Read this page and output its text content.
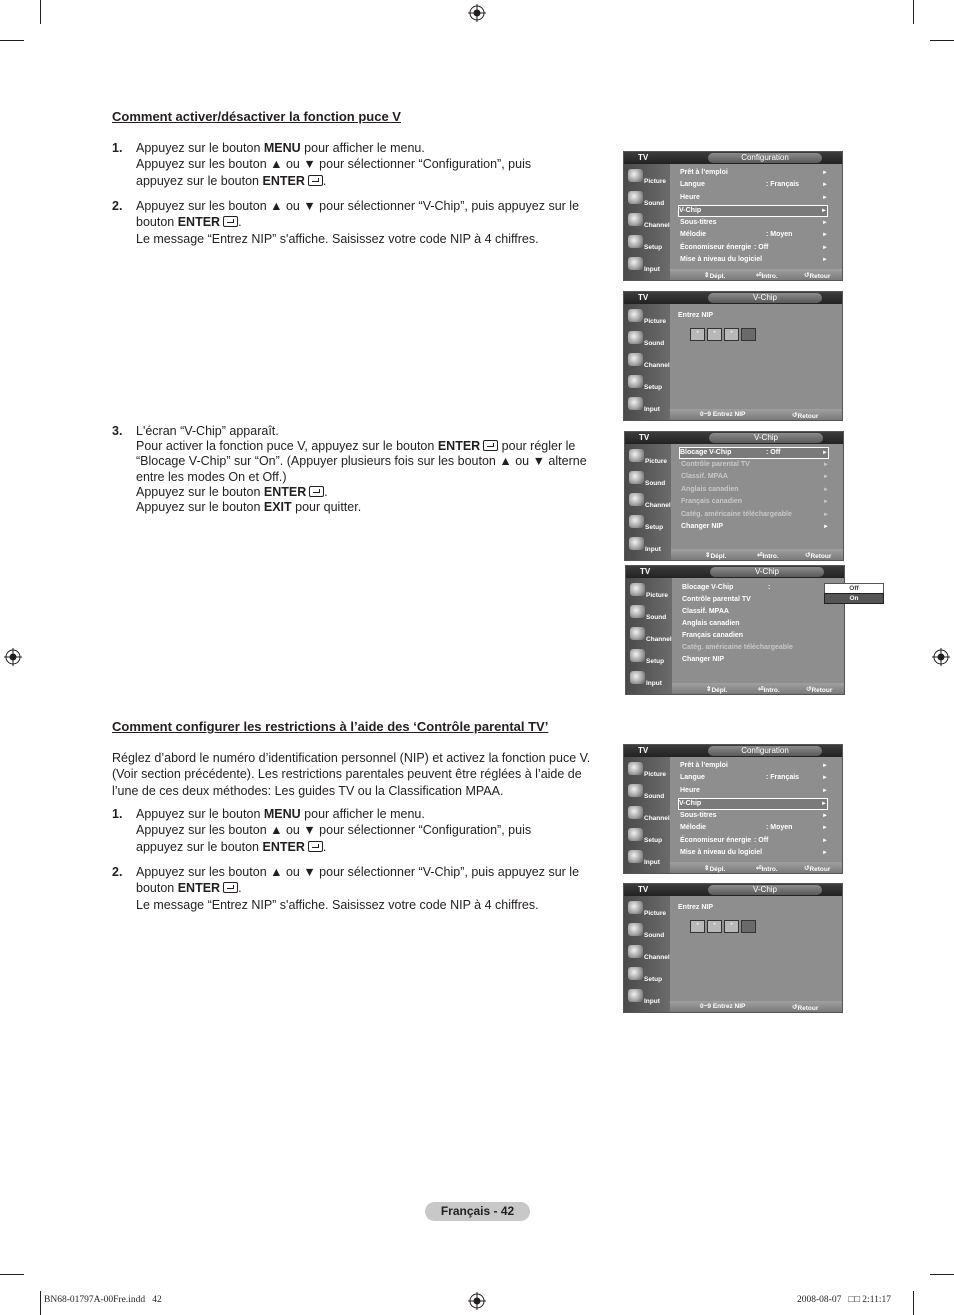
Comment activer/désactiver la fonction puce V
1. Appuyez sur le bouton MENU pour afficher le menu.
Appuyez sur les bouton ▲ ou ▼ pour sélectionner “Configuration”, puis
appuyez sur le bouton ENTER .
2. Appuyez sur les bouton ▲ ou ▼ pour sélectionner “V-Chip”, puis appuyez sur le
bouton ENTER .
Le message “Entrez NIP” s'affiche. Saisissez votre code NIP à 4 chiffres.
3. L'écran “V-Chip” apparaît.
Pour activer la fonction puce V, appuyez sur le bouton ENTER pour régler le
“Blocage V-Chip” sur “On”. (Appuyer plusieurs fois sur les bouton ▲ ou ▼ alterne
entre les modes On et Off.)
Appuyez sur le bouton ENTER .
Appuyez sur le bouton EXIT pour quitter.
Comment configurer les restrictions à l’aide des ‘Contrôle parental TV’
Réglez d’abord le numéro d’identification personnel (NIP) et activez la fonction puce V.
(Voir section précédente). Les restrictions parentales peuvent être réglées à l’aide de
l’une de ces deux méthodes: Les guides TV ou la Classification MPAA.
1. Appuyez sur le bouton MENU pour afficher le menu.
Appuyez sur les bouton ▲ ou ▼ pour sélectionner “Configuration”, puis
appuyez sur le bouton ENTER .
2. Appuyez sur les bouton ▲ ou ▼ pour sélectionner “V-Chip”, puis appuyez sur le
bouton ENTER .
Le message “Entrez NIP” s'affiche. Saisissez votre code NIP à 4 chiffres.
TV	Configuration
Picture
Sound
Channel
Setup
Input
Prêt à l’emploi	►
Langue	: Français	►
Heure	►
V-Chip	►
Sous-titres	►
Mélodie	: Moyen	►
Économiseur énergie : Off	►
Mise à niveau du logiciel	►
⇕ Dépl.	⏎ Intro.	↺ Retour
TV	V-Chip
Picture
Sound
Channel
Setup
Input
Entrez NIP
*	*	*
0~9 Entrez NIP	↺ Retour
TV	V-Chip
Picture
Sound
Channel
Setup
Input
Blocage V-Chip	: Off	►
Contrôle parental TV	►
Classif. MPAA	►
Anglais canadien	►
Français canadien	►
Catég. américaine téléchargeable	►
Changer NIP	►
⇕ Dépl.	⏎ Intro.	↺ Retour
TV	V-Chip
Picture
Sound
Channel
Setup
Input
Blocage V-Chip	:
Contrôle parental TV
Classif. MPAA
Anglais canadien
Français canadien
Catég. américaine téléchargeable
Changer NIP
Off
On
⇕ Dépl.	⏎ Intro.	↺ Retour
TV	Configuration
Picture
Sound
Channel
Setup
Input
Prêt à l’emploi	►
Langue	: Français	►
Heure	►
V-Chip	►
Sous-titres	►
Mélodie	: Moyen	►
Économiseur énergie : Off	►
Mise à niveau du logiciel	►
⇕ Dépl.	⏎ Intro.	↺ Retour
TV	V-Chip
Picture
Sound
Channel
Setup
Input
Entrez NIP
*	*	*
0~9 Entrez NIP	↺ Retour
Français - 42
BN68-01797A-00Fre.indd   42	2008-08-07   □□ 2:11:17
